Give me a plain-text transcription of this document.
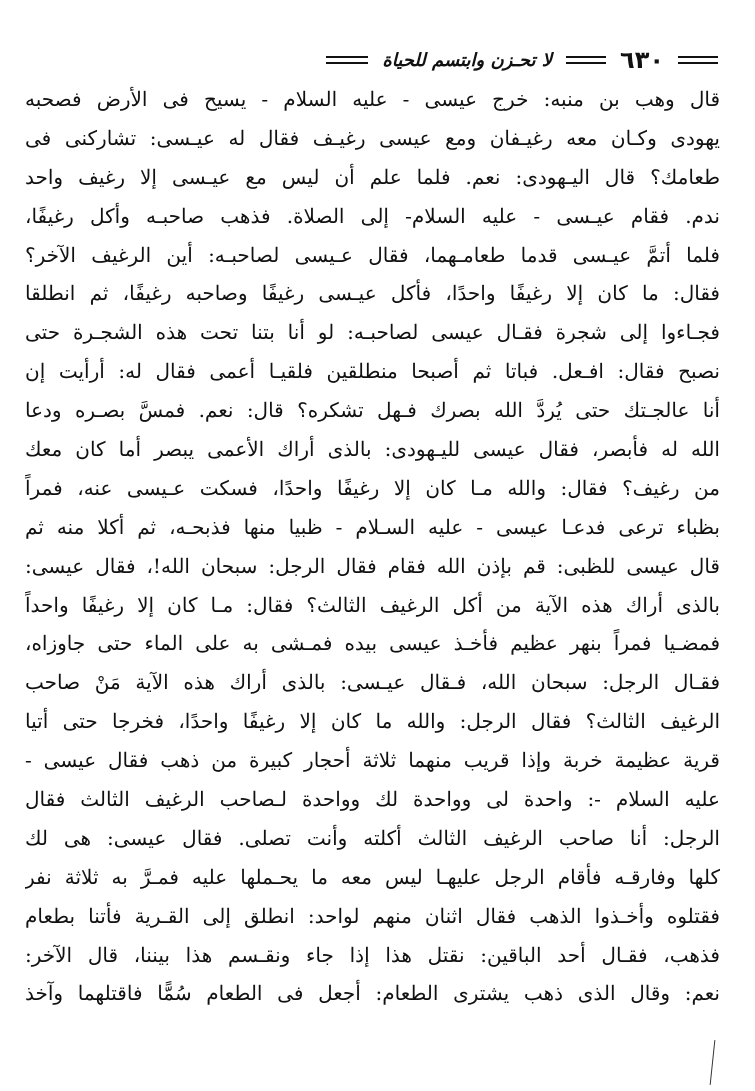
٦٣٠
لا تحـزن وابتسم للحياة
قال وهب بن منبه: خرج عيسى - عليه السلام - يسيح فى الأرض فصحبه
يهودى وكـان معه رغيـفان ومع عيسى رغيـف فقال له عيـسى: تشاركنى فى
طعامك؟ قال اليـهودى: نعم. فلما علم أن ليس مع عيـسى إلا رغيف واحد
ندم. فقام عيـسى - عليه السلام- إلى الصلاة. فذهب صاحبـه وأكل رغيفًا،
فلما أتمَّ عيـسى قدما طعامـهما، فقال عـيسى لصاحبـه: أين الرغيف الآخر؟
فقال: ما كان إلا رغيفًا واحدًا، فأكل عيـسى رغيفًا وصاحبه رغيفًا، ثم انطلقا
فجـاءوا إلى شجرة فقـال عيسى لصاحبـه: لو أنا بتنا تحت هذه الشجـرة حتى
نصبح فقال: افـعل. فباتا ثم أصبحا منطلقين فلقيـا أعمى فقال له: أرأيت إن
أنا عالجـتك حتى يُردَّ الله بصرك فـهل تشكره؟ قال: نعم. فمسَّ بصـره ودعا
الله له فأبصر، فقال عيسى لليـهودى: بالذى أراك الأعمى يبصر أما كان معك
من رغيف؟ فقال: والله مـا كان إلا رغيفًا واحدًا، فسكت عـيسى عنه، فمراً
بظباء ترعى فدعـا عيسى - عليه السـلام - ظبيا منها فذبحـه، ثم أكلا منه ثم
قال عيسى للظبى: قم بإذن الله فقام فقال الرجل: سبحان الله!، فقال عيسى:
بالذى أراك هذه الآية من أكل الرغيف الثالث؟ فقال: مـا كان إلا رغيفًا واحداً
فمضـيا فمراً بنهر عظيم فأخـذ عيسى بيده فمـشى به على الماء حتى جاوزاه،
فقـال الرجل: سبحان الله، فـقال عيـسى: بالذى أراك هذه الآية مَنْ صاحب
الرغيف الثالث؟ فقال الرجل: والله ما كان إلا رغيفًا واحدًا، فخرجا حتى أتيا
قرية عظيمة خربة وإذا قريب منهما ثلاثة أحجار كبيرة من ذهب فقال عيسى -
عليه السلام -: واحدة لى وواحدة لك وواحدة لـصاحب الرغيف الثالث فقال
الرجل: أنا صاحب الرغيف الثالث أكلته وأنت تصلى. فقال عيسى: هى لك
كلها وفارقـه فأقام الرجل عليهـا ليس معه ما يحـملها عليه فمـرَّ به ثلاثة نفر
فقتلوه وأخـذوا الذهب فقال اثنان منهم لواحد: انطلق إلى القـرية فأتنا بطعام
فذهب، فقـال أحد الباقين: نقتل هذا إذا جاء ونقـسم هذا بيننا، قال الآخر:
نعم: وقال الذى ذهب يشترى الطعام: أجعل فى الطعام سُمًّا فاقتلهما وآخذ
